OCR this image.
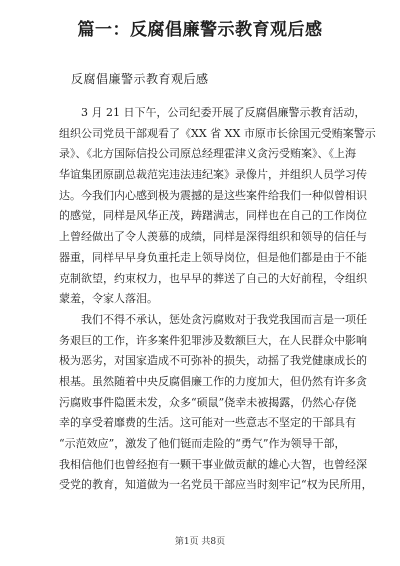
篇一：反腐倡廉警示教育观后感
反腐倡廉警示教育观后感
3 月 21 日下午，公司纪委开展了反腐倡廉警示教育活动，
组织公司党员干部观看了《XX 省 XX 市原市长徐国元受贿案警示
录》、《北方国际信投公司原总经理霍津义贪污受贿案》、《上海
华谊集团原副总裁范宪违法违纪案》录像片，并组织人员学习传
达。今我们内心感到极为震撼的是这些案件给我们一种似曾相识
的感觉，同样是风华正茂，踌躇满志，同样也在自己的工作岗位
上曾经做出了令人羡慕的成绩，同样是深得组织和领导的信任与
器重，同样早早身负重托走上领导岗位，但是他们都是由于不能
克制欲望，约束权力，也早早的葬送了自己的大好前程，令组织
蒙羞，令家人落泪。
我们不得不承认，惩处贪污腐败对于我党我国而言是一项任
务艰巨的工作，许多案件犯罪涉及数额巨大，在人民群众中影响
极为恶劣，对国家造成不可弥补的损失，动摇了我党健康成长的
根基。虽然随着中央反腐倡廉工作的力度加大，但仍然有许多贪
污腐败事件隐匿未发，众多“硕鼠”侥幸未被揭露，仍然心存侥
幸的享受着靡费的生活。这可能对一些意志不坚定的干部具有
“示范效应”，激发了他们铤而走险的“勇气”作为领导干部，
我相信他们也曾经抱有一颗干事业做贡献的雄心大智，也曾经深
受党的教育，知道做为一名党员干部应当时刻牢记“权为民所用，
第1页 共8页
